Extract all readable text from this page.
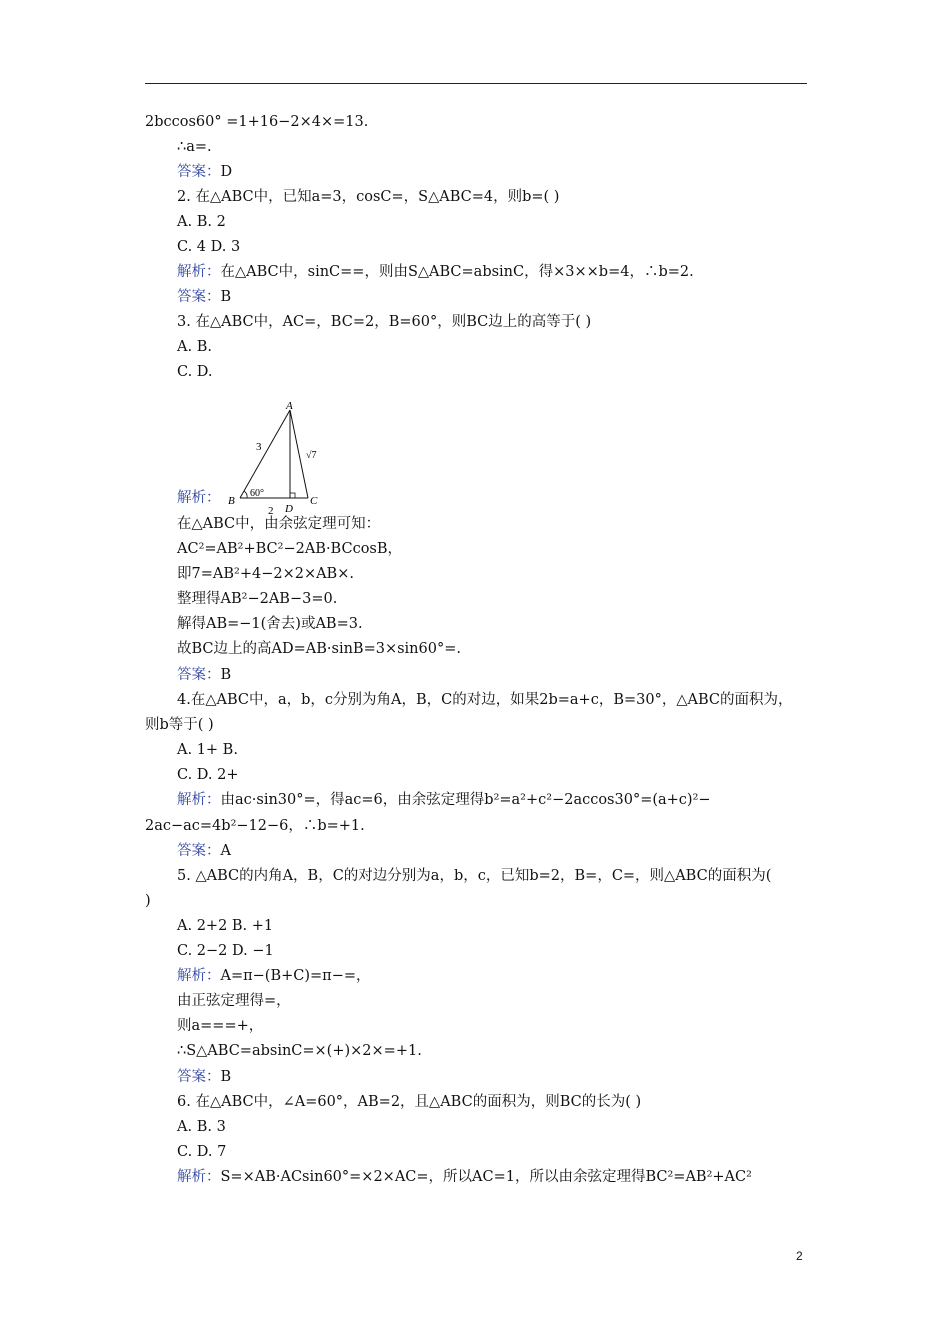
2bccos60° =1+16−2×4×=13.
∴a=.
答案：D
2. 在△ABC中，已知a=3，cosC=，S△ABC=4，则b=( )
A. B. 2
C. 4 D. 3
解析：在△ABC中，sinC==，则由S△ABC=absinC，得×3××b=4，∴b=2.
答案：B
3. 在△ABC中，AC=，BC=2，B=60°，则BC边上的高等于( )
A. B.
C. D.
解析：
在△ABC中，由余弦定理可知：
AC²=AB²+BC²−2AB·BCcosB，
即7=AB²+4−2×2×AB×.
整理得AB²−2AB−3=0.
解得AB=−1(舍去)或AB=3.
故BC边上的高AD=AB·sinB=3×sin60°=.
答案：B
4.在△ABC中，a，b，c分别为角A，B，C的对边，如果2b=a+c，B=30°，△ABC的面积为，
则b等于( )
A. 1+ B.
C. D. 2+
解析：由ac·sin30°=，得ac=6，由余弦定理得b²=a²+c²−2accos30°=(a+c)²−
2ac−ac=4b²−12−6，∴b=+1.
答案：A
5. △ABC的内角A，B，C的对边分别为a，b，c，已知b=2，B=，C=，则△ABC的面积为(
)
A. 2+2 B. +1
C. 2−2 D. −1
解析：A=π−(B+C)=π−=，
由正弦定理得=，
则a===+，
∴S△ABC=absinC=×(+)×2×=+1.
答案：B
6. 在△ABC中，∠A=60°，AB=2，且△ABC的面积为，则BC的长为( )
A. B. 3
C. D. 7
解析：S=×AB·ACsin60°=×2×AC=，所以AC=1，所以由余弦定理得BC²=AB²+AC²
A
B	C
D
3
2
√7
60°
2
